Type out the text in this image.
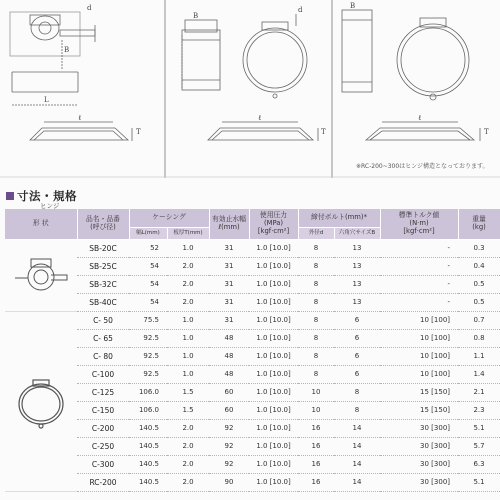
d
B
L
ℓ
T
B
d
ℓ
T
B
ℓ
T
※RC-200~300はヒンジ構造となっております。
寸法・規格
形 状	品名・品番
(呼び径)	ケーシング		有効止水幅
ℓ(mm)	使用圧力
(MPa)
[kgf·cm²]	締付ボルト(mm)*		標準トルク値
(N·m)
[kgf·cm²]	重量
(kg)
		幅L(mm)	板厚T(mm)			外径d	六角穴サイズB		

	SB-20C	52	1.0	31	1.0 [10.0]	8	13	-	0.3
	SB-25C	54	2.0	31	1.0 [10.0]	8	13	-	0.4
	SB-32C	54	2.0	31	1.0 [10.0]	8	13	-	0.5
	SB-40C	54	2.0	31	1.0 [10.0]	8	13	-	0.5

	C- 50	75.5	1.0	31	1.0 [10.0]	8	6	10 [100]	0.7
	C- 65	92.5	1.0	48	1.0 [10.0]	8	6	10 [100]	0.8
	C- 80	92.5	1.0	48	1.0 [10.0]	8	6	10 [100]	1.1
	C-100	92.5	1.0	48	1.0 [10.0]	8	6	10 [100]	1.4
	C-125	106.0	1.5	60	1.0 [10.0]	10	8	15 [150]	2.1
	C-150	106.0	1.5	60	1.0 [10.0]	10	8	15 [150]	2.3
	C-200	140.5	2.0	92	1.0 [10.0]	16	14	30 [300]	5.1
	C-250	140.5	2.0	92	1.0 [10.0]	16	14	30 [300]	5.7
	C-300	140.5	2.0	92	1.0 [10.0]	16	14	30 [300]	6.3
	RC-200	140.5	2.0	90	1.0 [10.0]	16	14	30 [300]	5.1
ヒンジ
